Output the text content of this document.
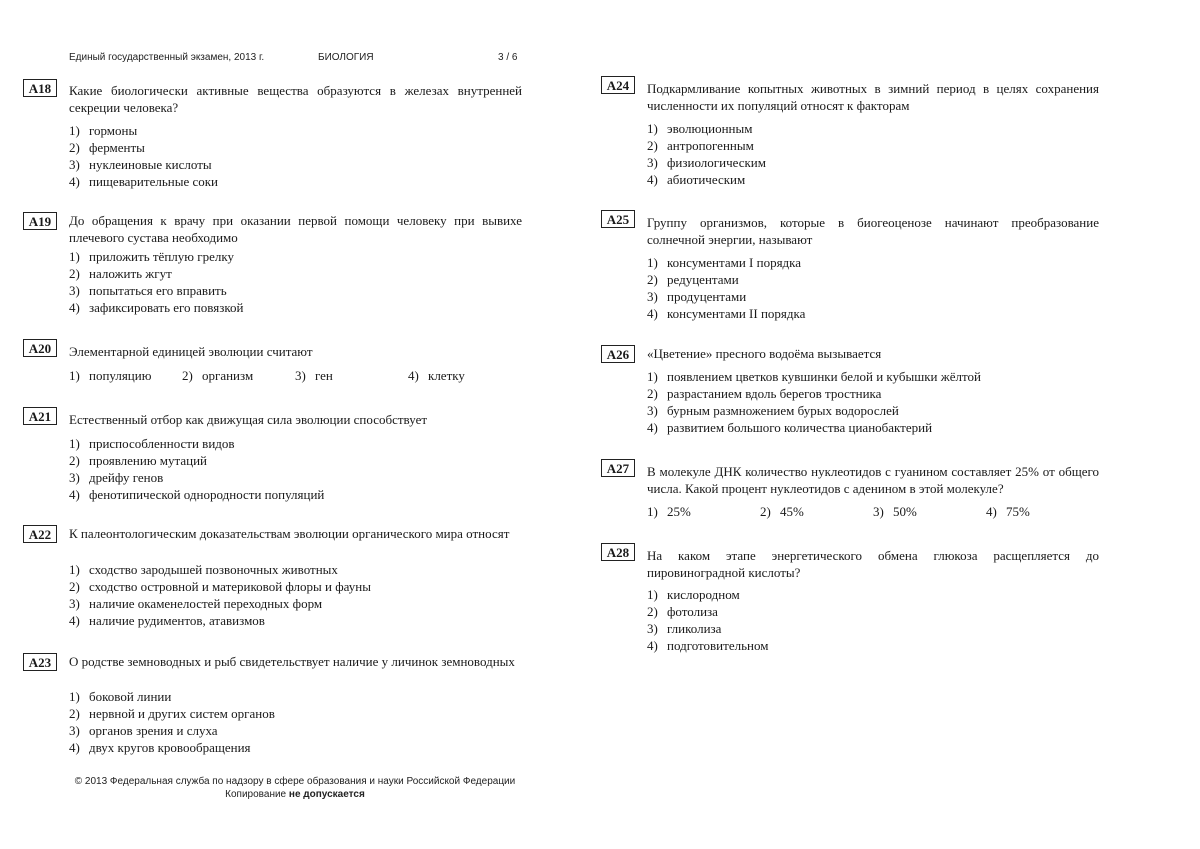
Единый государственный экзамен, 2013 г.	БИОЛОГИЯ	3 / 6
A18	Какие биологически активные вещества образуются в железах внутренней секреции человека?
1) гормоны
2) ферменты
3) нуклеиновые кислоты
4) пищеварительные соки
A19	До обращения к врачу при оказании первой помощи человеку при вывихе плечевого сустава необходимо
1) приложить тёплую грелку
2) наложить жгут
3) попытаться его вправить
4) зафиксировать его повязкой
A20	Элементарной единицей эволюции считают
1) популяцию 2) организм	3) ген	4) клетку
A21	Естественный отбор как движущая сила эволюции способствует
1) приспособленности видов
2) проявлению мутаций
3) дрейфу генов
4) фенотипической однородности популяций
A22	К палеонтологическим доказательствам эволюции органического мира относят
1) сходство зародышей позвоночных животных
2) сходство островной и материковой флоры и фауны
3) наличие окаменелостей переходных форм
4) наличие рудиментов, атавизмов
A23	О родстве земноводных и рыб свидетельствует наличие у личинок земноводных
1) боковой линии
2) нервной и других систем органов
3) органов зрения и слуха
4) двух кругов кровообращения
A24	Подкармливание копытных животных в зимний период в целях сохранения численности их популяций относят к факторам
1) эволюционным
2) антропогенным
3) физиологическим
4) абиотическим
A25	Группу организмов, которые в биогеоценозе начинают преобразование солнечной энергии, называют
1) консументами I порядка
2) редуцентами
3) продуцентами
4) консументами II порядка
A26	«Цветение» пресного водоёма вызывается
1) появлением цветков кувшинки белой и кубышки жёлтой
2) разрастанием вдоль берегов тростника
3) бурным размножением бурых водорослей
4) развитием большого количества цианобактерий
A27	В молекуле ДНК количество нуклеотидов с гуанином составляет 25% от общего числа. Какой процент нуклеотидов с аденином в этой молекуле?
1) 25%	2) 45%	3) 50%	4) 75%
A28	На каком этапе энергетического обмена глюкоза расщепляется до пировиноградной кислоты?
1) кислородном
2) фотолиза
3) гликолиза
4) подготовительном
© 2013 Федеральная служба по надзору в сфере образования и науки Российской Федерации
Копирование не допускается
